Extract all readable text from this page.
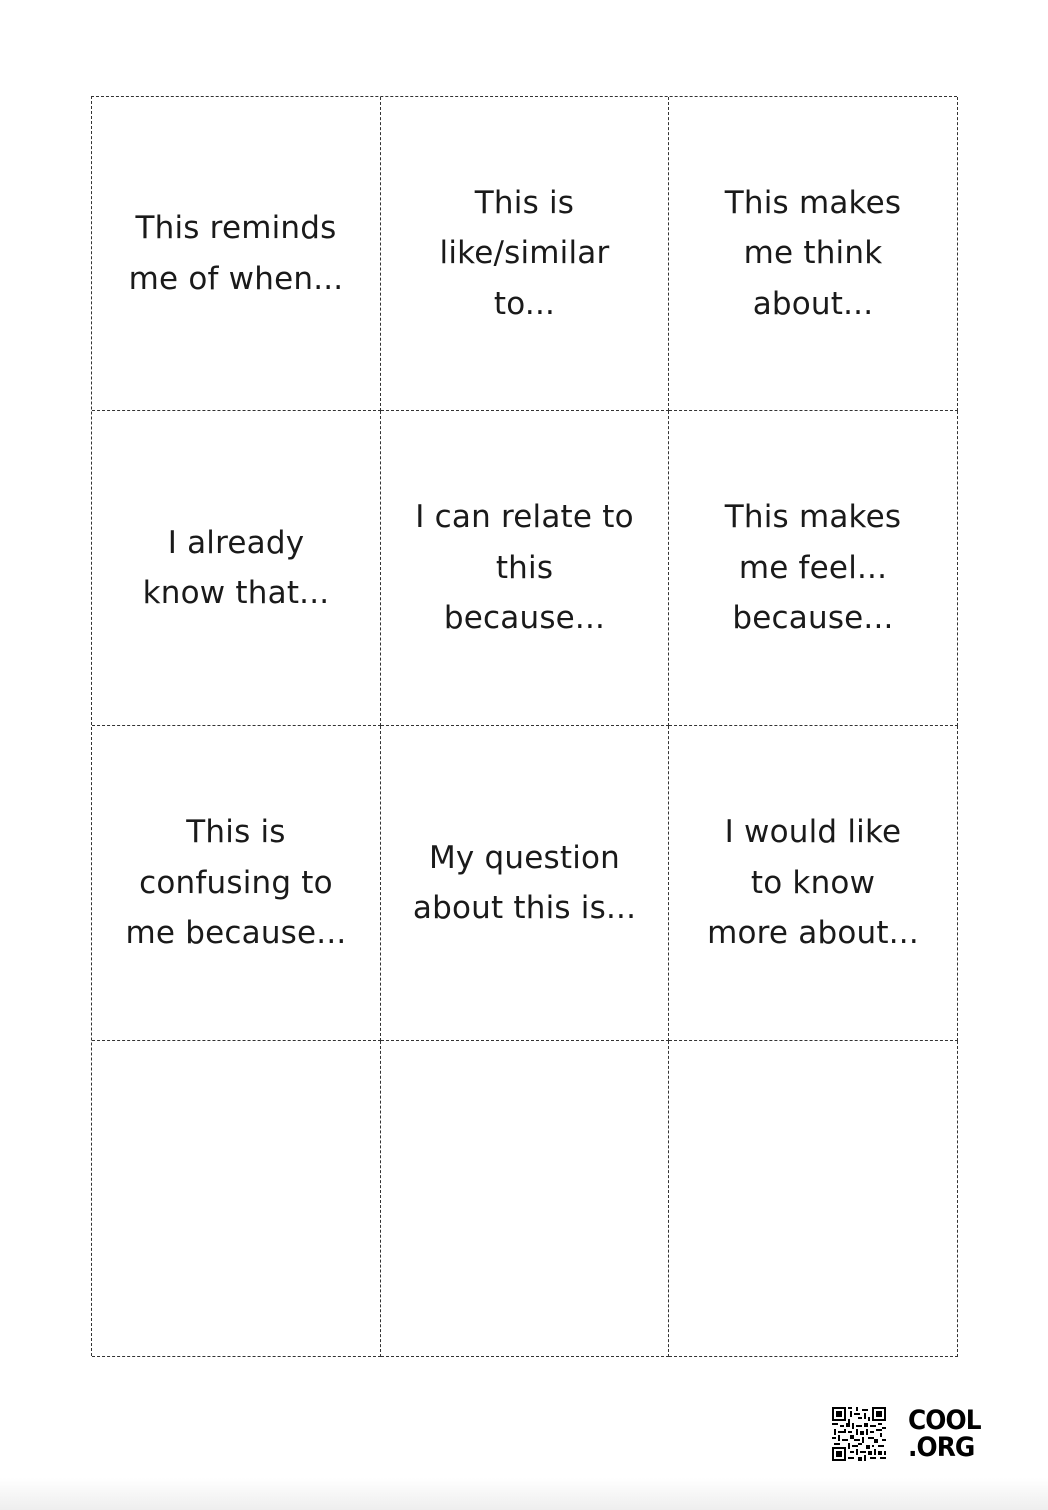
This reminds
me of when...
This is
like/similar
to...
This makes
me think
about...
I already
know that...
I can relate to
this
because...
This makes
me feel...
because...
This is
confusing to
me because...
My question
about this is...
I would like
to know
more about...
COOL
.ORG
